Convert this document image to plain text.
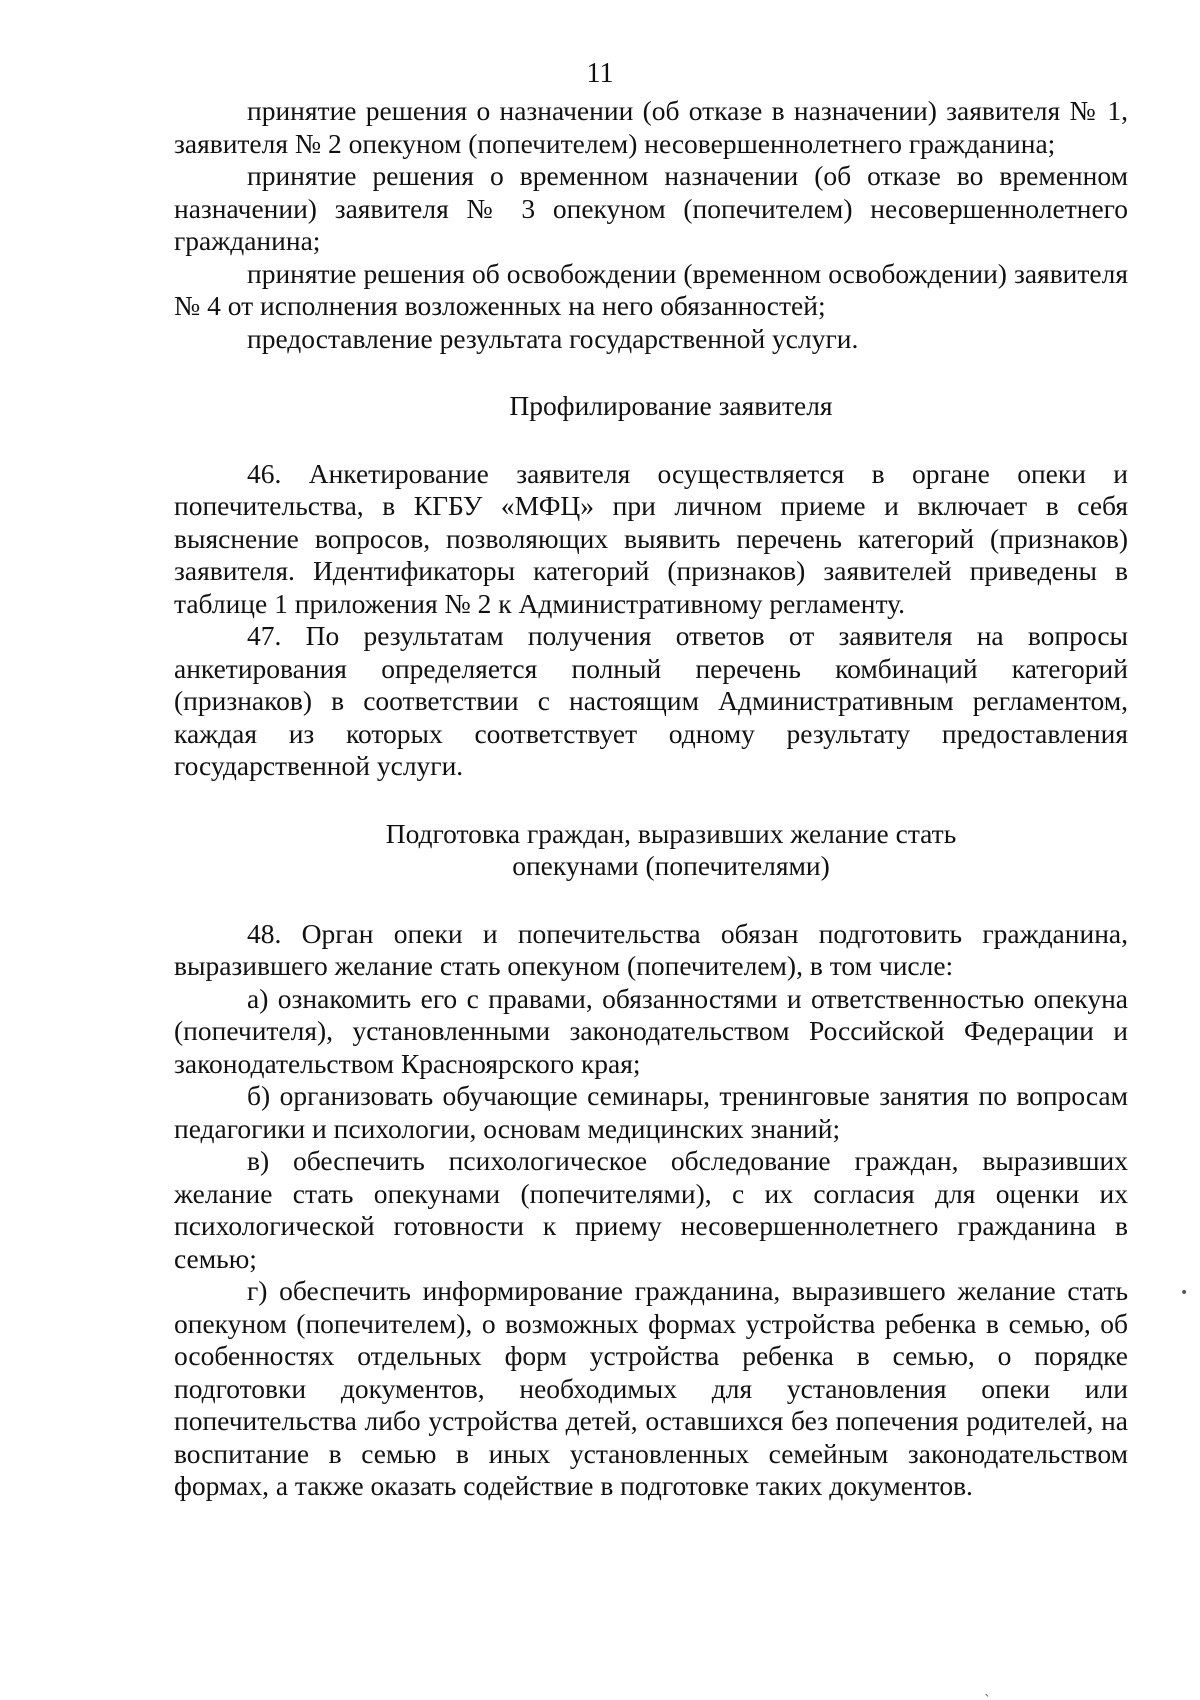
11

принятие решения о назначении (об отказе в назначении) заявителя № 1, заявителя № 2 опекуном (попечителем) несовершеннолетнего гражданина;

принятие решения о временном назначении (об отказе во временном назначении) заявителя № 3 опекуном (попечителем) несовершеннолетнего гражданина;

принятие решения об освобождении (временном освобождении) заявителя № 4 от исполнения возложенных на него обязанностей;

предоставление результата государственной услуги.

Профилирование заявителя

46. Анкетирование заявителя осуществляется в органе опеки и попечительства, в КГБУ «МФЦ» при личном приеме и включает в себя выяснение вопросов, позволяющих выявить перечень категорий (признаков) заявителя. Идентификаторы категорий (признаков) заявителей приведены в таблице 1 приложения № 2 к Административному регламенту.

47. По результатам получения ответов от заявителя на вопросы анкетирования определяется полный перечень комбинаций категорий (признаков) в соответствии с настоящим Административным регламентом, каждая из которых соответствует одному результату предоставления государственной услуги.

Подготовка граждан, выразивших желание стать

опекунами (попечителями)

48. Орган опеки и попечительства обязан подготовить гражданина, выразившего желание стать опекуном (попечителем), в том числе:

а) ознакомить его с правами, обязанностями и ответственностью опекуна (попечителя), установленными законодательством Российской Федерации и законодательством Красноярского края;

б) организовать обучающие семинары, тренинговые занятия по вопросам педагогики и психологии, основам медицинских знаний;

в) обеспечить психологическое обследование граждан, выразивших желание стать опекунами (попечителями), с их согласия для оценки их психологической готовности к приему несовершеннолетнего гражданина в семью;

г) обеспечить информирование гражданина, выразившего желание стать опекуном (попечителем), о возможных формах устройства ребенка в семью, об особенностях отдельных форм устройства ребенка в семью, о порядке подготовки документов, необходимых для установления опеки или попечительства либо устройства детей, оставшихся без попечения родителей, на воспитание в семью в иных установленных семейным законодательством формах, а также оказать содействие в подготовке таких документов.

•
ˎ
